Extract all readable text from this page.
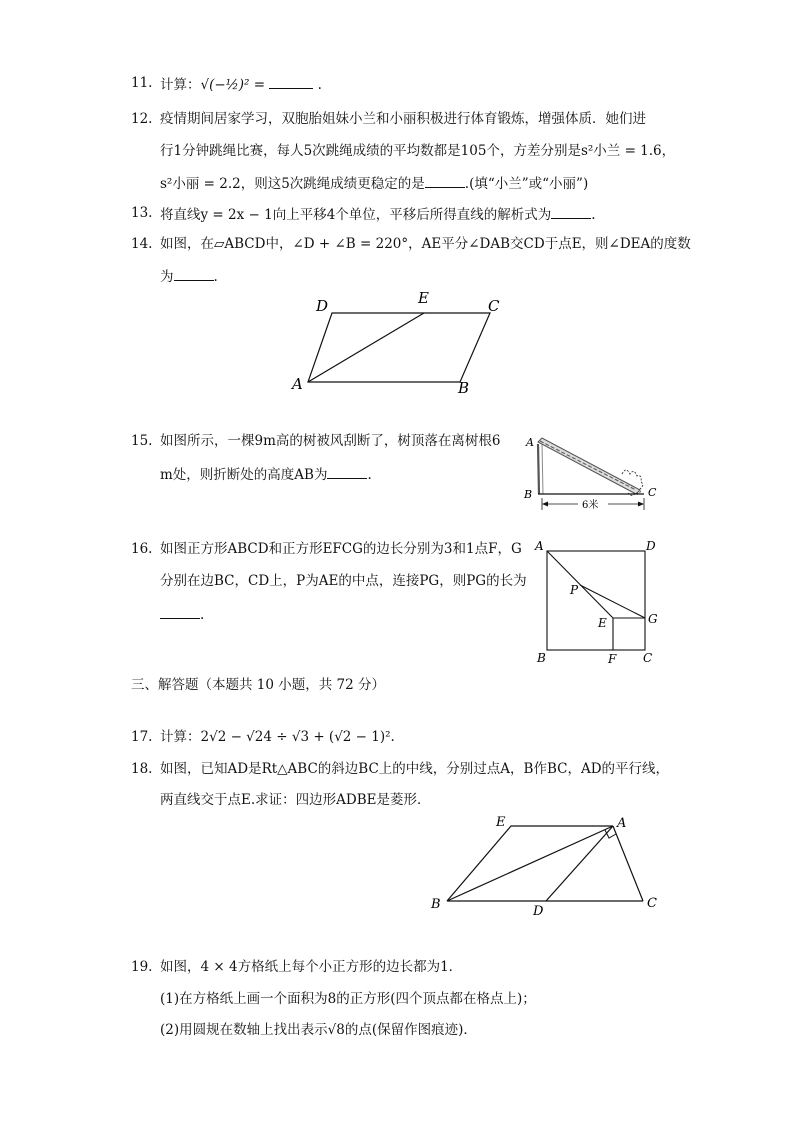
11. 计算：√(−½)² =	.
12. 疫情期间居家学习，双胞胎姐妹小兰和小丽积极进行体育锻炼，增强体质．她们进
行1分钟跳绳比赛，每人5次跳绳成绩的平均数都是105个，方差分别是s²小兰 = 1.6，
s²小丽 = 2.2，则这5次跳绳成绩更稳定的是	.(填“小兰”或“小丽”)
13. 将直线y = 2x − 1向上平移4个单位，平移后所得直线的解析式为	.
14. 如图，在▱ABCD中，∠D + ∠B = 220°，AE平分∠DAB交CD于点E，则∠DEA的度数
为	.
D	E	C
A	B
15. 如图所示，一棵9m高的树被风刮断了，树顶落在离树根6
m处，则折断处的高度AB为	.
6米
A
B	C
16. 如图正方形ABCD和正方形EFCG的边长分别为3和1点F，G
分别在边BC，CD上，P为AE的中点，连接PG，则PG的长为
.
A	D
P
G
E
B	F C
三、解答题（本题共 10 小题，共 72 分）
17. 计算：2√2 − √24 ÷ √3 + (√2 − 1)².
18. 如图，已知AD是Rt△ABC的斜边BC上的中线，分别过点A，B作BC，AD的平行线，
两直线交于点E.求证：四边形ADBE是菱形．
E	A
B	D
C
19. 如图，4 × 4方格纸上每个小正方形的边长都为1．
(1)在方格纸上画一个面积为8的正方形(四个顶点都在格点上)；
(2)用圆规在数轴上找出表示√8的点(保留作图痕迹)．
